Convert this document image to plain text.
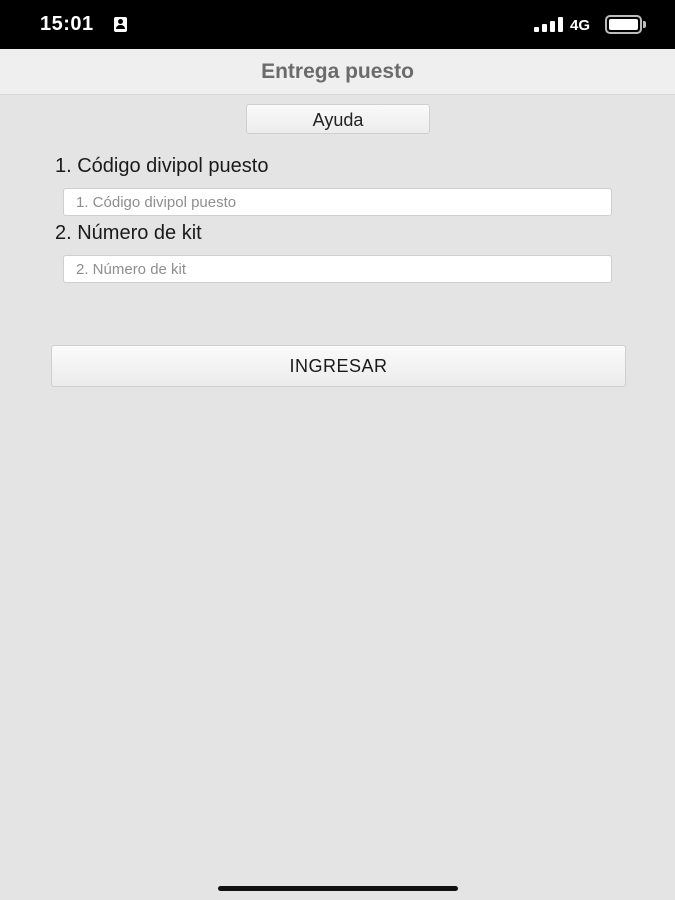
15:01	4G
Entrega puesto
Ayuda
1. Código divipol puesto
1. Código divipol puesto
2. Número de kit
2. Número de kit
INGRESAR
